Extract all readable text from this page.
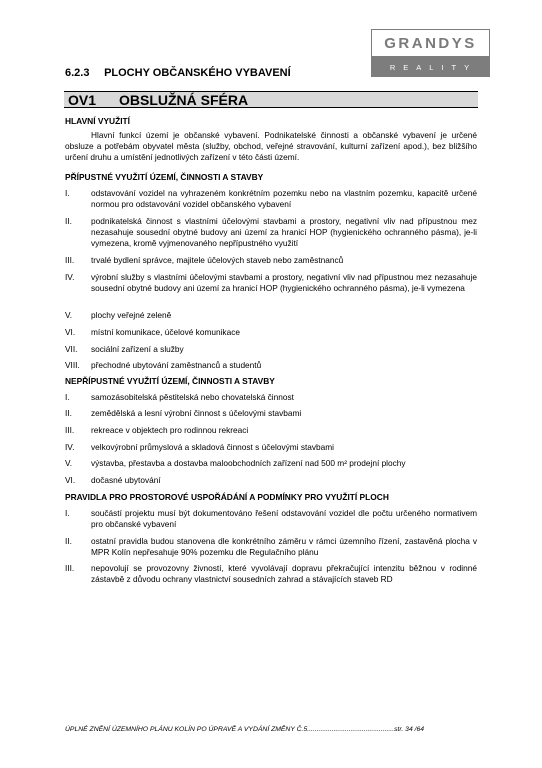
GRANDYS
REALITY
6.2.3 PLOCHY OBČANSKÉHO VYBAVENÍ
OV1 OBSLUŽNÁ SFÉRA
HLAVNÍ VYUŽITÍ
Hlavní funkcí území je občanské vybavení. Podnikatelské činnosti a občanské vybavení je určené obsluze a potřebám obyvatel města (služby, obchod, veřejné stravování, kulturní zařízení apod.), bez bližšího určení druhu a umístění jednotlivých zařízení v této části území.
PŘÍPUSTNÉ VYUŽITÍ ÚZEMÍ, ČINNOSTI A STAVBY
I.	odstavování vozidel na vyhrazeném konkrétním pozemku nebo na vlastním pozemku, kapacitě určené normou pro odstavování vozidel občanského vybavení
II. podnikatelská činnost s vlastními účelovými stavbami a prostory, negativní vliv nad přípustnou mez nezasahuje sousední obytné budovy ani území za hranicí HOP (hygienického ochranného pásma), je-li vymezena, kromě vyjmenovaného nepřípustného využití
III. trvalé bydlení správce, majitele účelových staveb nebo zaměstnanců
IV. výrobní služby s vlastními účelovými stavbami a prostory, negativní vliv nad přípustnou mez nezasahuje sousední obytné budovy ani území za hranicí HOP (hygienického ochranného pásma), je-li vymezena
V. plochy veřejné zeleně
VI. místní komunikace, účelové komunikace
VII. sociální zařízení a služby
VIII. přechodné ubytování zaměstnanců a studentů
NEPŘÍPUSTNÉ VYUŽITÍ ÚZEMÍ, ČINNOSTI A STAVBY
I.	samozásobitelská pěstitelská nebo chovatelská činnost
II. zemědělská a lesní výrobní činnost s účelovými stavbami
III. rekreace v objektech pro rodinnou rekreaci
IV. velkovýrobní průmyslová a skladová činnost s účelovými stavbami
V. výstavba, přestavba a dostavba maloobchodních zařízení nad 500 m² prodejní plochy
VI. dočasné ubytování
PRAVIDLA PRO PROSTOROVÉ USPOŘÁDÁNÍ A PODMÍNKY PRO VYUŽITÍ PLOCH
I.	součástí projektu musí být dokumentováno řešení odstavování vozidel dle počtu určeného normativem pro občanské vybavení
II. ostatní pravidla budou stanovena dle konkrétního záměru v rámci územního řízení, zastavěná plocha v MPR Kolín nepřesahuje 90% pozemku dle Regulačního plánu
III. nepovolují se provozovny živností, které vyvolávají dopravu překračující intenzitu běžnou v rodinné zástavbě z důvodu ochrany vlastnictví sousedních zahrad a stávajících staveb RD
ÚPLNÉ ZNĚNÍ ÚZEMNÍHO PLÁNU KOLÍN PO ÚPRAVĚ A VYDÁNÍ ZMĚNY Č.5..............................................str. 34 /64
